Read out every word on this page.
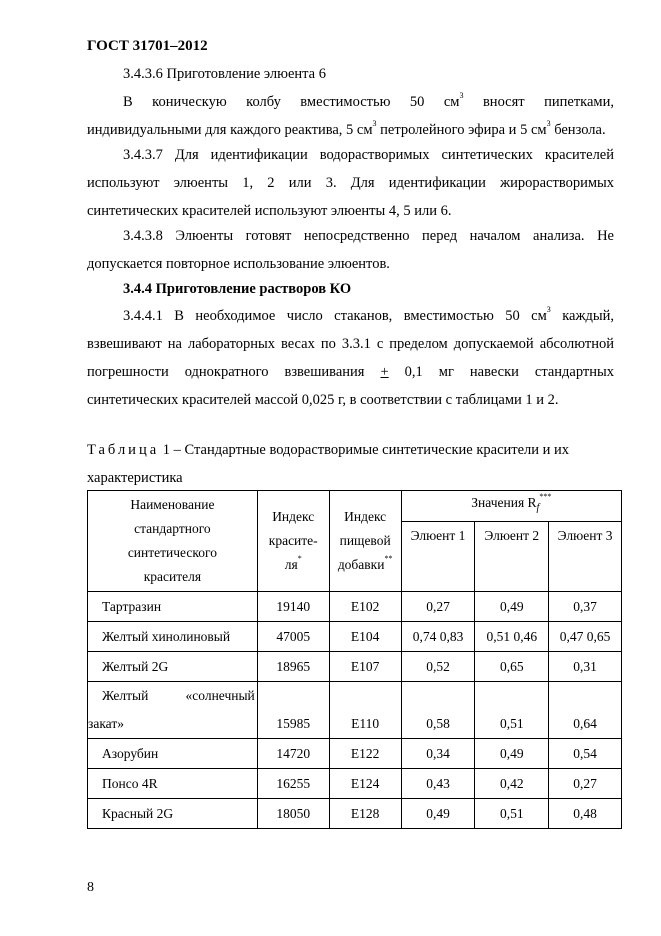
ГОСТ 31701–2012
3.4.3.6 Приготовление элюента 6
В коническую колбу вместимостью 50 $см^3$ вносят пипетками, индивидуальными для каждого реактива, 5 $см^3$ петролейного эфира и 5 $см^3$ бензола.
3.4.3.7 Для идентификации водорастворимых синтетических красителей используют элюенты 1, 2 или 3. Для идентификации жирорастворимых синтетических красителей используют элюенты 4, 5 или 6.
3.4.3.8 Элюенты готовят непосредственно перед началом анализа. Не допускается повторное использование элюентов.
3.4.4 Приготовление растворов КО
3.4.4.1 В необходимое число стаканов, вместимостью 50 $см^3$ каждый, взвешивают на лабораторных весах по 3.3.1 с пределом допускаемой абсолютной погрешности однократного взвешивания + 0,1 мг навески стандартных синтетических красителей массой 0,025 г, в соответствии с таблицами 1 и 2.
Таблица 1 – Стандартные водорастворимые синтетические красители и их характеристика
Наименование стандартного синтетического красителя	Индекс красите-ля*	Индекс пищевой добавки**	Значения $R_f^{***}$
			Элюент 1	Элюент 2	Элюент 3
Тартразин	19140	Е102	0,27	0,49	0,37
Желтый хинолиновый	47005	Е104	0,74 0,83	0,51 0,46	0,47 0,65
Желтый 2G	18965	Е107	0,52	0,65	0,31

Желтый «солнечный закат»	15985	Е110	0,58	0,51	0,64
Азорубин	14720	Е122	0,34	0,49	0,54
Понсо 4R	16255	Е124	0,43	0,42	0,27
Красный 2G	18050	Е128	0,49	0,51	0,48
8
